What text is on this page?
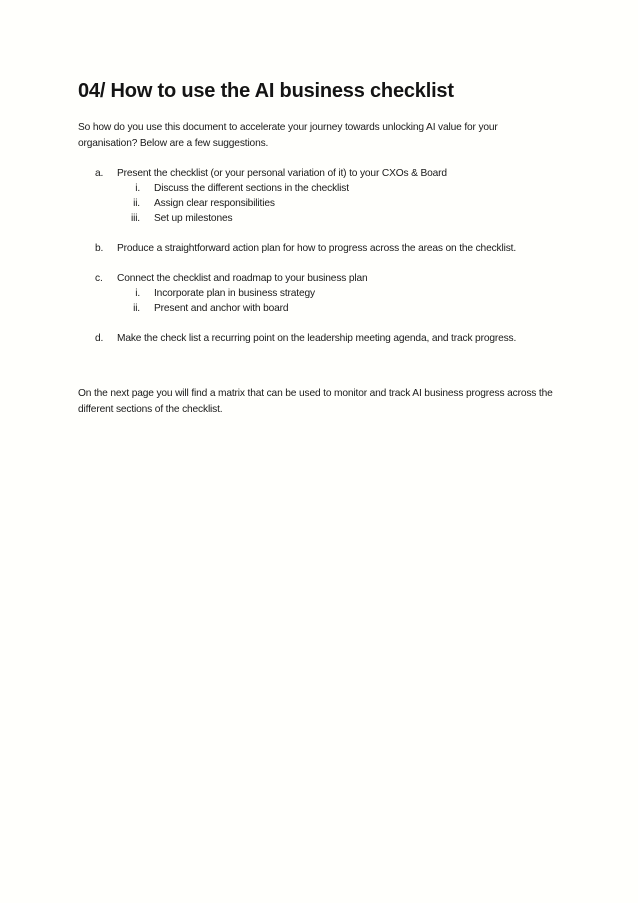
04/ How to use the AI business checklist

So how do you use this document to accelerate your journey towards unlocking AI value for your organisation? Below are a few suggestions.

a.	Present the checklist (or your personal variation of it) to your CXOs & Board
i.	Discuss the different sections in the checklist
ii.	Assign clear responsibilities
iii.	Set up milestones
b.	Produce a straightforward action plan for how to progress across the areas on the checklist.
c.	Connect the checklist and roadmap to your business plan
i.	Incorporate plan in business strategy
ii.	Present and anchor with board
d.	Make the check list a recurring point on the leadership meeting agenda, and track progress.

On the next page you will find a matrix that can be used to monitor and track AI business progress across the different sections of the checklist.
